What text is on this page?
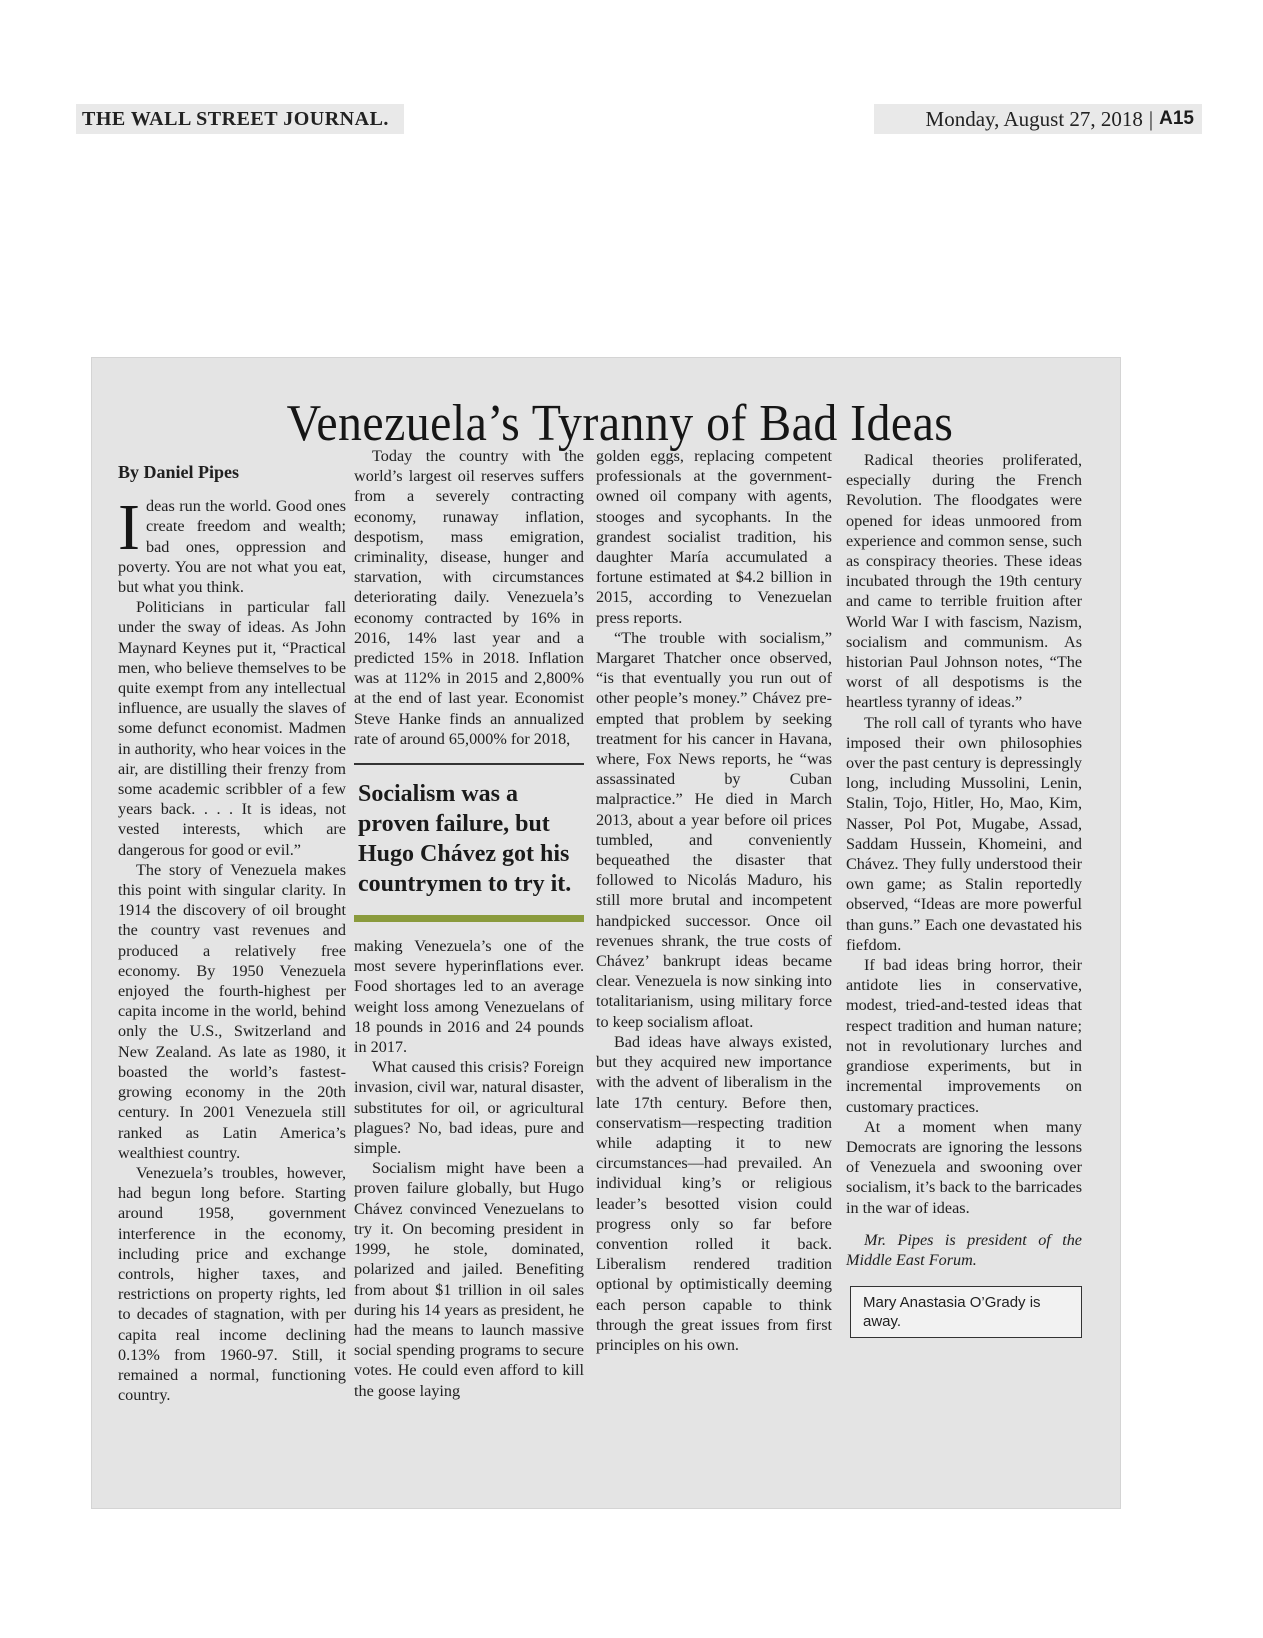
THE WALL STREET JOURNAL.	Monday, August 27, 2018 | A15
Venezuela’s Tyranny of Bad Ideas
By Daniel Pipes

Ideas run the world. Good ones create freedom and wealth; bad ones, oppression and poverty. You are not what you eat, but what you think.

Politicians in particular fall under the sway of ideas. As John Maynard Keynes put it, “Practical men, who believe themselves to be quite exempt from any intellectual influence, are usually the slaves of some defunct economist. Madmen in authority, who hear voices in the air, are distilling their frenzy from some academic scribbler of a few years back. . . . It is ideas, not vested interests, which are dangerous for good or evil.”

The story of Venezuela makes this point with singular clarity. In 1914 the discovery of oil brought the country vast revenues and produced a relatively free economy. By 1950 Venezuela enjoyed the fourth-highest per capita income in the world, behind only the U.S., Switzerland and New Zealand. As late as 1980, it boasted the world’s fastest-growing economy in the 20th century. In 2001 Venezuela still ranked as Latin America’s wealthiest country.

Venezuela’s troubles, however, had begun long before. Starting around 1958, government interference in the economy, including price and exchange controls, higher taxes, and restrictions on property rights, led to decades of stagnation, with per capita real income declining 0.13% from 1960-97. Still, it remained a normal, functioning country.

Today the country with the world’s largest oil reserves suffers from a severely contracting economy, runaway inflation, despotism, mass emigration, criminality, disease, hunger and starvation, with circumstances deteriorating daily. Venezuela’s economy contracted by 16% in 2016, 14% last year and a predicted 15% in 2018. Inflation was at 112% in 2015 and 2,800% at the end of last year. Economist Steve Hanke finds an annualized rate of around 65,000% for 2018,

Socialism was a proven failure, but Hugo Chávez got his countrymen to try it.

making Venezuela’s one of the most severe hyperinflations ever. Food shortages led to an average weight loss among Venezuelans of 18 pounds in 2016 and 24 pounds in 2017.

What caused this crisis? Foreign invasion, civil war, natural disaster, substitutes for oil, or agricultural plagues? No, bad ideas, pure and simple.

Socialism might have been a proven failure globally, but Hugo Chávez convinced Venezuelans to try it. On becoming president in 1999, he stole, dominated, polarized and jailed. Benefiting from about $1 trillion in oil sales during his 14 years as president, he had the means to launch massive social spending programs to secure votes. He could even afford to kill the goose laying

golden eggs, replacing competent professionals at the government-owned oil company with agents, stooges and sycophants. In the grandest socialist tradition, his daughter María accumulated a fortune estimated at $4.2 billion in 2015, according to Venezuelan press reports.

“The trouble with socialism,” Margaret Thatcher once observed, “is that eventually you run out of other people’s money.” Chávez pre-empted that problem by seeking treatment for his cancer in Havana, where, Fox News reports, he “was assassinated by Cuban malpractice.” He died in March 2013, about a year before oil prices tumbled, and conveniently bequeathed the disaster that followed to Nicolás Maduro, his still more brutal and incompetent handpicked successor. Once oil revenues shrank, the true costs of Chávez’ bankrupt ideas became clear. Venezuela is now sinking into totalitarianism, using military force to keep socialism afloat.

Bad ideas have always existed, but they acquired new importance with the advent of liberalism in the late 17th century. Before then, conservatism—respecting tradition while adapting it to new circumstances—had prevailed. An individual king’s or religious leader’s besotted vision could progress only so far before convention rolled it back. Liberalism rendered tradition optional by optimistically deeming each person capable to think through the great issues from first principles on his own.

Radical theories proliferated, especially during the French Revolution. The floodgates were opened for ideas unmoored from experience and common sense, such as conspiracy theories. These ideas incubated through the 19th century and came to terrible fruition after World War I with fascism, Nazism, socialism and communism. As historian Paul Johnson notes, “The worst of all despotisms is the heartless tyranny of ideas.”

The roll call of tyrants who have imposed their own philosophies over the past century is depressingly long, including Mussolini, Lenin, Stalin, Tojo, Hitler, Ho, Mao, Kim, Nasser, Pol Pot, Mugabe, Assad, Saddam Hussein, Khomeini, and Chávez. They fully understood their own game; as Stalin reportedly observed, “Ideas are more powerful than guns.” Each one devastated his fiefdom.

If bad ideas bring horror, their antidote lies in conservative, modest, tried-and-tested ideas that respect tradition and human nature; not in revolutionary lurches and grandiose experiments, but in incremental improvements on customary practices.

At a moment when many Democrats are ignoring the lessons of Venezuela and swooning over socialism, it’s back to the barricades in the war of ideas.

Mr. Pipes is president of the Middle East Forum.

Mary Anastasia O’Grady is away.
